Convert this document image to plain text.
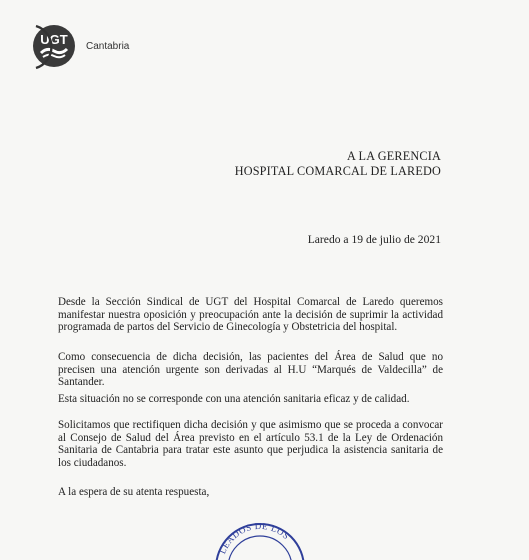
UGT Cantabria
A LA GERENCIA
HOSPITAL COMARCAL DE LAREDO
Laredo a 19 de julio de 2021
Desde la Sección Sindical de UGT del Hospital Comarcal de Laredo queremos manifestar nuestra oposición y preocupación ante la decisión de suprimir la actividad programada de partos del Servicio de Ginecología y Obstetricia del hospital.
Como consecuencia de dicha decisión, las pacientes del Área de Salud que no precisen una atención urgente son derivadas al H.U “Marqués de Valdecilla” de Santander.
Esta situación no se corresponde con una atención sanitaria eficaz y de calidad.
Solicitamos que rectifiquen dicha decisión y que asimismo que se proceda a convocar al Consejo de Salud del Área previsto en el artículo 53.1 de la Ley de Ordenación Sanitaria de Cantabria para tratar este asunto que perjudica la asistencia sanitaria de los ciudadanos.
A la espera de su atenta respuesta,
LEADOS DE LOS
